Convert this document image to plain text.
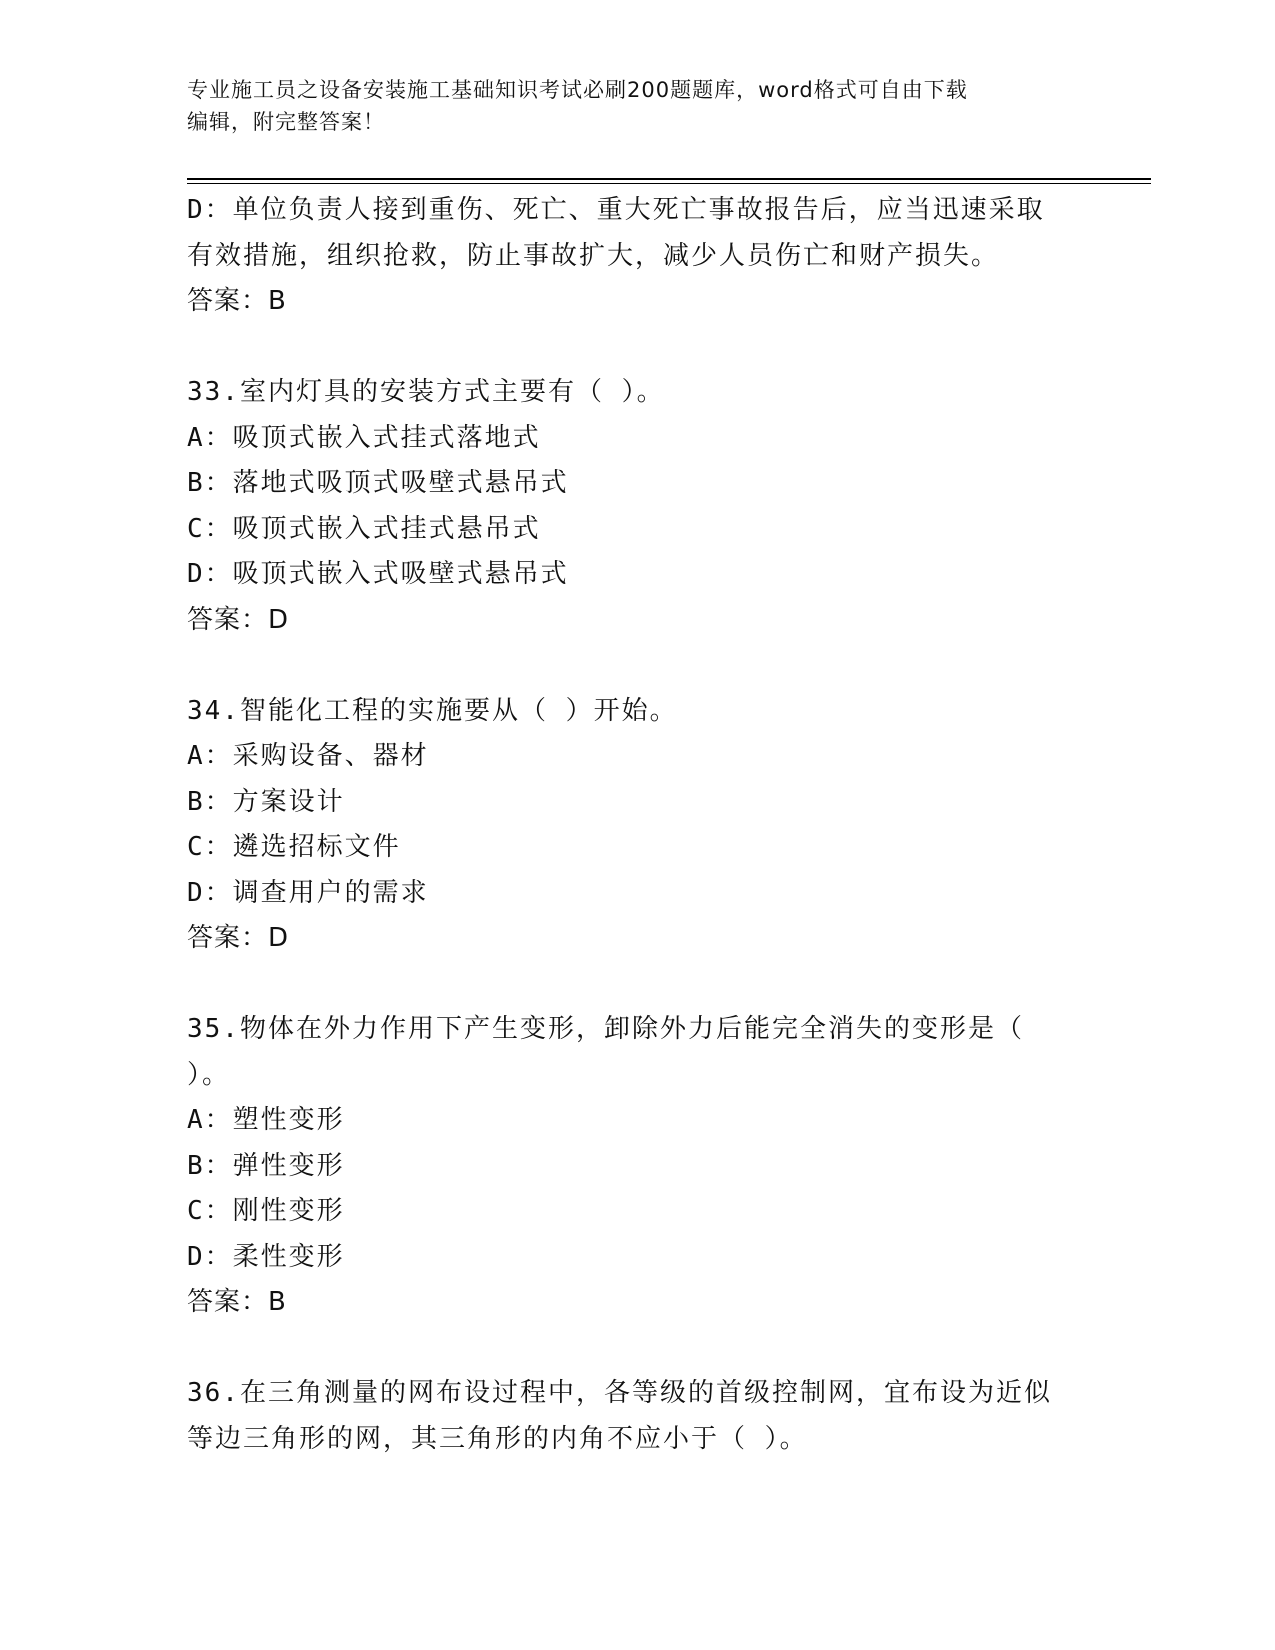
专业施工员之设备安装施工基础知识考试必刷200题题库，word格式可自由下载
编辑，附完整答案！
D：单位负责人接到重伤、死亡、重大死亡事故报告后，应当迅速采取
有效措施，组织抢救，防止事故扩大，减少人员伤亡和财产损失。
答案：B
33.室内灯具的安装方式主要有（ ）。
A：吸顶式嵌入式挂式落地式
B：落地式吸顶式吸壁式悬吊式
C：吸顶式嵌入式挂式悬吊式
D：吸顶式嵌入式吸壁式悬吊式
答案：D
34.智能化工程的实施要从（ ）开始。
A：采购设备、器材
B：方案设计
C：遴选招标文件
D：调查用户的需求
答案：D
35.物体在外力作用下产生变形，卸除外力后能完全消失的变形是（
）。
A：塑性变形
B：弹性变形
C：刚性变形
D：柔性变形
答案：B
36.在三角测量的网布设过程中，各等级的首级控制网，宜布设为近似
等边三角形的网，其三角形的内角不应小于（ ）。
